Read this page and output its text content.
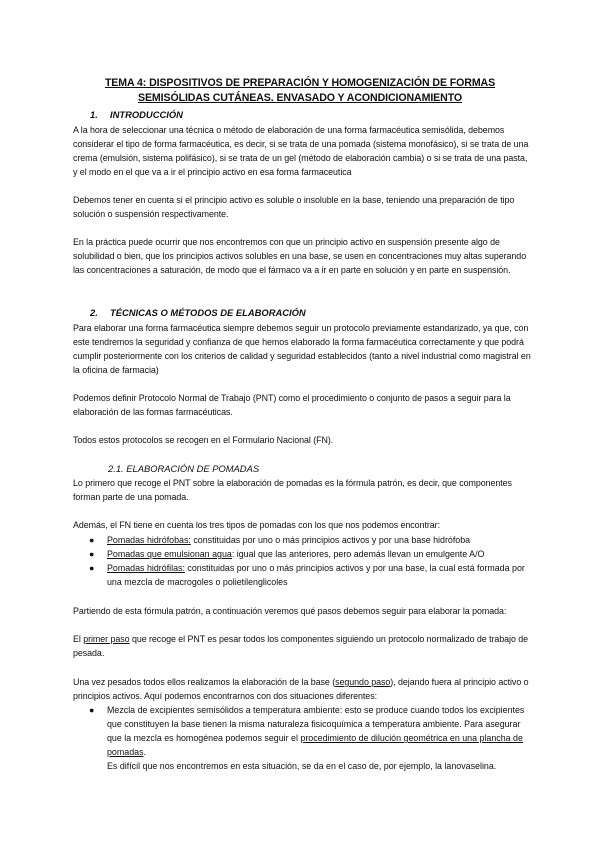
TEMA 4: DISPOSITIVOS DE PREPARACIÓN Y HOMOGENIZACIÓN DE FORMAS SEMISÓLIDAS CUTÁNEAS. ENVASADO Y ACONDICIONAMIENTO
1. INTRODUCCIÓN
A la hora de seleccionar una técnica o método de elaboración de una forma farmacéutica semisólida, debemos considerar el tipo de forma farmacéutica, es decir, si se trata de una pomada (sistema monofásico), si se trata de una crema (emulsión, sistema polifásico), si se trata de un gel (método de elaboración cambia) o si se trata de una pasta, y el modo en el que va a ir el principio activo en esa forma farmaceutica
Debemos tener en cuenta si el principio activo es soluble o insoluble en la base, teniendo una preparación de tipo solución o suspensión respectivamente.
En la práctica puede ocurrir que nos encontremos con que un principio activo en suspensión presente algo de solubilidad o bien, que los principios activos solubles en una base, se usen en concentraciones muy altas superando las concentraciones a saturación, de modo que el fármaco va a ir en parte en solución y en parte en suspensión.
2. TÉCNICAS O MÉTODOS DE ELABORACIÓN
Para elaborar una forma farmacéutica siempre debemos seguir un protocolo previamente estandarizado, ya que, con este tendremos la seguridad y confianza de que hemos elaborado la forma farmacéutica correctamente y que podrá cumplir posteriormente con los criterios de calidad y seguridad establecidos (tanto a nivel industrial como magistral en la oficina de farmacia)
Podemos definir Protocolo Normal de Trabajo (PNT) como el procedimiento o conjunto de pasos a seguir para la elaboración de las formas farmacéuticas.
Todos estos protocolos se recogen en el Formulario Nacional (FN).
2.1. ELABORACIÓN DE POMADAS
Lo primero que recoge el PNT sobre la elaboración de pomadas es la fórmula patrón, es decir, que componentes forman parte de una pomada.
Además, el FN tiene en cuenta los tres tipos de pomadas con los que nos podemos encontrar:
●	Pomadas hidrófobas: constituidas por uno o más principios activos y por una base hidrófoba
●	Pomadas que emulsionan agua: igual que las anteriores, pero además llevan un emulgente A/O
●	Pomadas hidrófilas: constituidas por uno o más principios activos y por una base, la cual está formada por una mezcla de macrogoles o polietilenglicoles
Partiendo de esta fórmula patrón, a continuación veremos qué pasos debemos seguir para elaborar la pomada:
El primer paso que recoge el PNT es pesar todos los componentes siguiendo un protocolo normalizado de trabajo de pesada.
Una vez pesados todos ellos realizamos la elaboración de la base (segundo paso), dejando fuera al principio activo o principios activos. Aquí podemos encontrarnos con dos situaciones diferentes:
●	Mezcla de excipientes semisólidos a temperatura ambiente: esto se produce cuando todos los excipientes que constituyen la base tienen la misma naturaleza fisicoquímica a temperatura ambiente. Para asegurar que la mezcla es homogénea podemos seguir el procedimiento de dilución geométrica en una plancha de pomadas.
Es difícil que nos encontremos en esta situación, se da en el caso de, por ejemplo, la lanovaselina.
